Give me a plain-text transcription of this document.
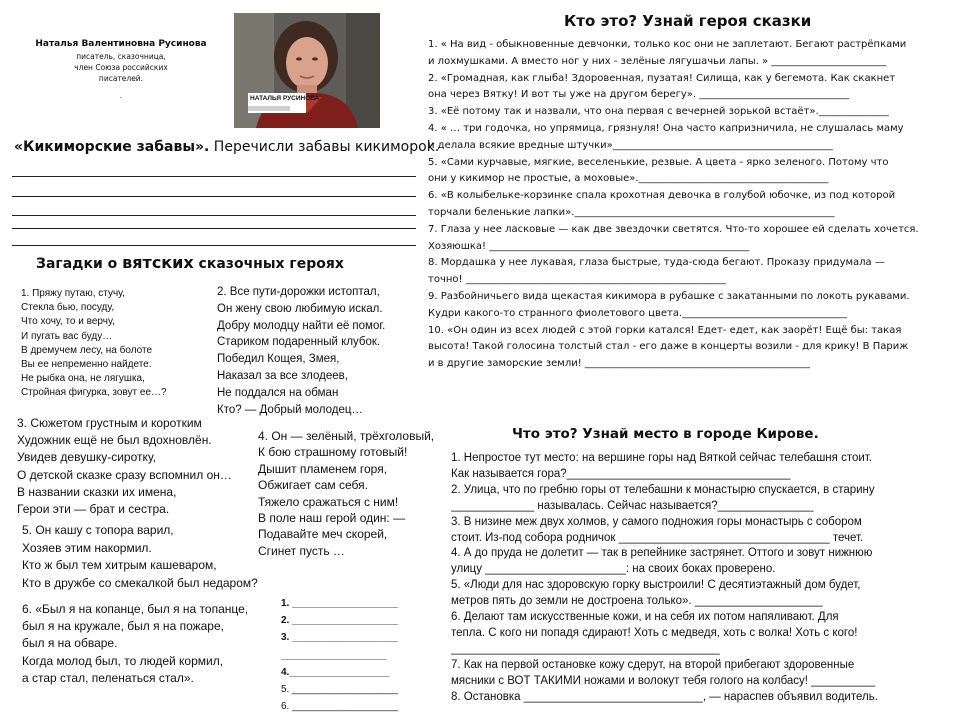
Наталья Валентиновна Русинова
писатель, сказочница,
член Союза российских
писателей.
.	НАТАЛЬЯ РУСИНОВА
«Кикиморские забавы». Перечисли забавы кикимороk.
Загадки о вятских сказочных героях
1. Пряжу путаю, стучу,
Стекла бью, посуду,
Что хочу, то и верчу,
И пугать вас буду…
В дремучем лесу, на болоте
Вы ее непременно найдете.
Не рыбка она, не лягушка,
Стройная фигурка, зовут ее…?
2. Все пути-дорожки истоптал,
Он жену свою любимую искал.
Добру молодцу найти её помог.
Стариком подаренный клубок.
Победил Кощея, Змея,
Наказал за все злодеев,
Не поддался на обман
Кто? — Добрый молодец…
3. Сюжетом грустным и коротким
Художник ещё не был вдохновлён.
Увидев девушку-сиротку,
О детской сказке сразу вспомнил он…
В названии сказки их имена,
Герои эти — брат и сестра.
4. Он — зелёный, трёхголовый,
К бою страшному готовый!
Дышит пламенем горя,
Обжигает сам себя.
Тяжело сражаться с ним!
В поле наш герой один: —
Подавайте меч скорей,
Сгинет пусть …
5. Он кашу с топора варил,
Хозяев этим накормил.
Кто ж был тем хитрым кашеваром,
Кто в дружбе со смекалкой был недаром?
6. «Был я на копанце, был я на топанце,
был я на кружале, был я на пожаре,
был я на обваре.
Когда молод был, то людей кормил,
а стар стал, пеленаться стал».
1. ___________________
2. ___________________
3. ___________________
___________________
4.__________________
5. ___________________
6. ___________________
Кто это? Узнай героя сказки
1. « На вид - обыкновенные девчонки, только кос они не заплетают. Бегают растрёпками
и лохмушками. А вместо ног у них - зелёные лягушачьи лапы. » _______________________
2. «Громадная, как глыба! Здоровенная, пузатая! Силища, как у бегемота. Как скакнет
она через Вятку! И вот ты уже на другом берегу». ______________________________
3. «Её потому так и назвали, что она первая с вечерней зорькой встаёт».______________
4. « … три годочка, но упрямица, грязнуля! Она часто капризничила, не слушалась маму
и делала всякие вредные штучки»____________________________________________
5. «Сами курчавые, мягкие, веселенькие, резвые. А цвета - ярко зеленого. Потому что
они у кикимор не простые, а моховые».______________________________________
6. «В колыбельке-корзинке спала крохотная девочка в голубой юбочке, из под которой
торчали беленькие лапки».____________________________________________________
7. Глаза у нее ласковые — как две звездочки светятся. Что-то хорошее ей сделать хочется.
Хозяюшка! ____________________________________________________
8. Мордашка у нее лукавая, глаза быстрые, туда-сюда бегают. Проказу придумала —
точно! ____________________________________________________
9. Разбойничьего вида щекастая кикимора в рубашке с закатанными по локоть рукавами.
Кудри какого-то странного фиолетового цвета._________________________________
10. «Он один из всех людей с этой горки катался! Едет- едет, как заорёт! Ещё бы: такая
высота! Такой голосина толстый стал - его даже в концерты возили - для крику! В Париж
и в другие заморские земли! _____________________________________________
Что это? Узнай место в городе Кирове.
1. Непростое тут место: на вершине горы над Вяткой сейчас телебашня стоит.
Как называется гора?___________________________________
2. Улица, что по гребню горы от телебашни к монастырю спускается, в старину
_____________ называлась. Сейчас называется?_______________
3. В низине меж двух холмов, у самого подножия горы монастырь с собором
стоит. Из-под собора родничок _________________________________ течет.
4. А до пруда не долетит — так в репейнике застрянет. Оттого и зовут нижнюю
улицу ______________________: на своих боках проверено.
5. «Люди для нас здоровскую горку выстроили! С десятиэтажный дом будет,
метров пять до земли не достроена только». ____________________
6. Делают там искусственные кожи, и на себя их потом напяливают. Для
тепла. С кого ни попадя сдирают! Хоть с медведя, хоть с волка! Хоть с кого!
__________________________________________
7. Как на первой остановке кожу сдерут, на второй прибегают здоровенные
мясники с ВОТ ТАКИМИ ножами и волокут тебя голого на колбасу! __________
8. Остановка ____________________________, — нараспев объявил водитель.
